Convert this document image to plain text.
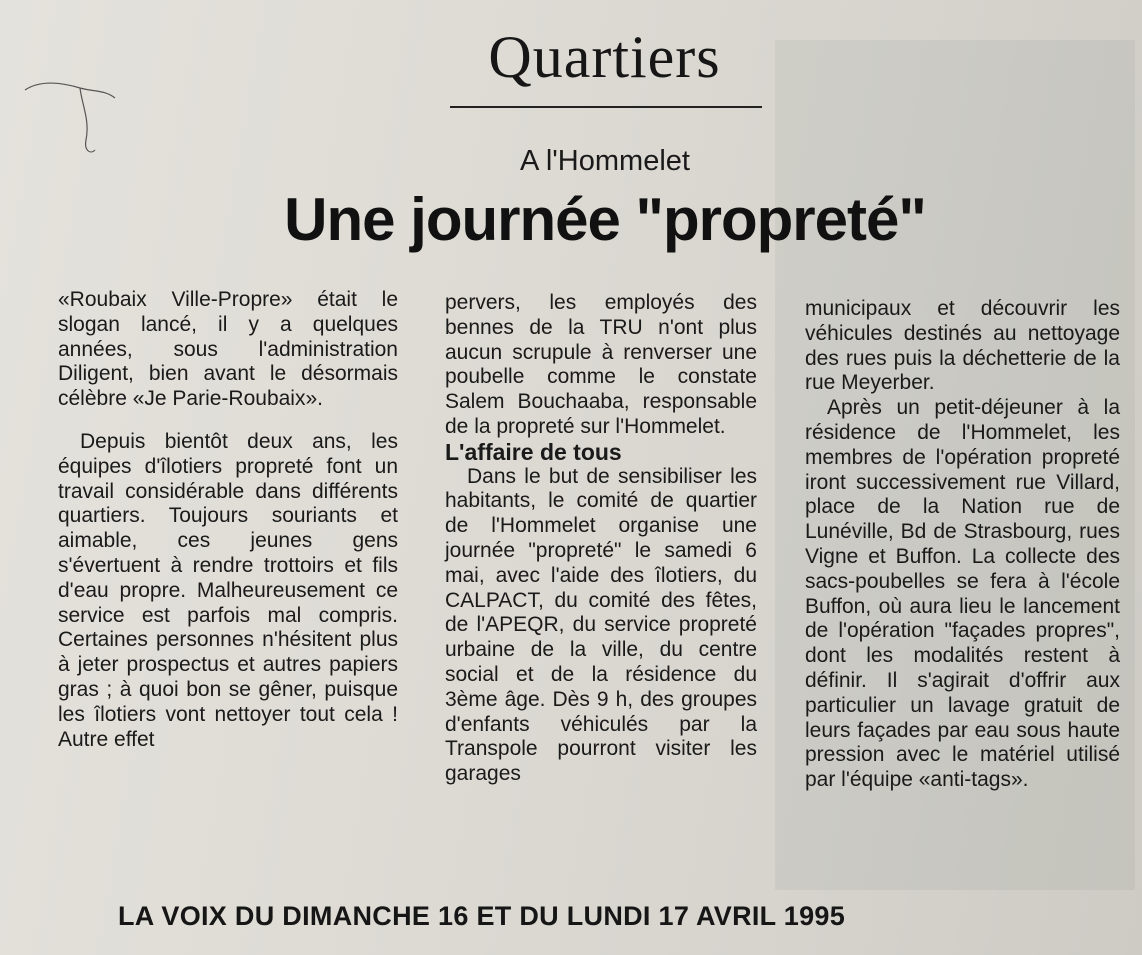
Quartiers
A l'Hommelet
Une journée "propreté"

«Roubaix Ville-Propre» était le slogan lancé, il y a quelques années, sous l'administration Diligent, bien avant le désormais célèbre «Je Parie-Roubaix».

Depuis bientôt deux ans, les équipes d'îlotiers propreté font un travail considérable dans différents quartiers. Toujours souriants et aimable, ces jeunes gens s'évertuent à rendre trottoirs et fils d'eau propre. Malheureusement ce service est parfois mal compris. Certaines personnes n'hésitent plus à jeter prospectus et autres papiers gras ; à quoi bon se gêner, puisque les îlotiers vont nettoyer tout cela ! Autre effet

pervers, les employés des bennes de la TRU n'ont plus aucun scrupule à renverser une poubelle comme le constate Salem Bouchaaba, responsable de la propreté sur l'Hommelet.

L'affaire de tous

Dans le but de sensibiliser les habitants, le comité de quartier de l'Hommelet organise une journée "propreté" le samedi 6 mai, avec l'aide des îlotiers, du CALPACT, du comité des fêtes, de l'APEQR, du service propreté urbaine de la ville, du centre social et de la résidence du 3ème âge. Dès 9 h, des groupes d'enfants véhiculés par la Transpole pourront visiter les garages

municipaux et découvrir les véhicules destinés au nettoyage des rues puis la déchetterie de la rue Meyerber.

Après un petit-déjeuner à la résidence de l'Hommelet, les membres de l'opération propreté iront successivement rue Villard, place de la Nation rue de Lunéville, Bd de Strasbourg, rues Vigne et Buffon. La collecte des sacs-poubelles se fera à l'école Buffon, où aura lieu le lancement de l'opération "façades propres", dont les modalités restent à définir. Il s'agirait d'offrir aux particulier un lavage gratuit de leurs façades par eau sous haute pression avec le matériel utilisé par l'équipe «anti-tags».

LA VOIX DU DIMANCHE 16 ET DU LUNDI 17 AVRIL 1995
